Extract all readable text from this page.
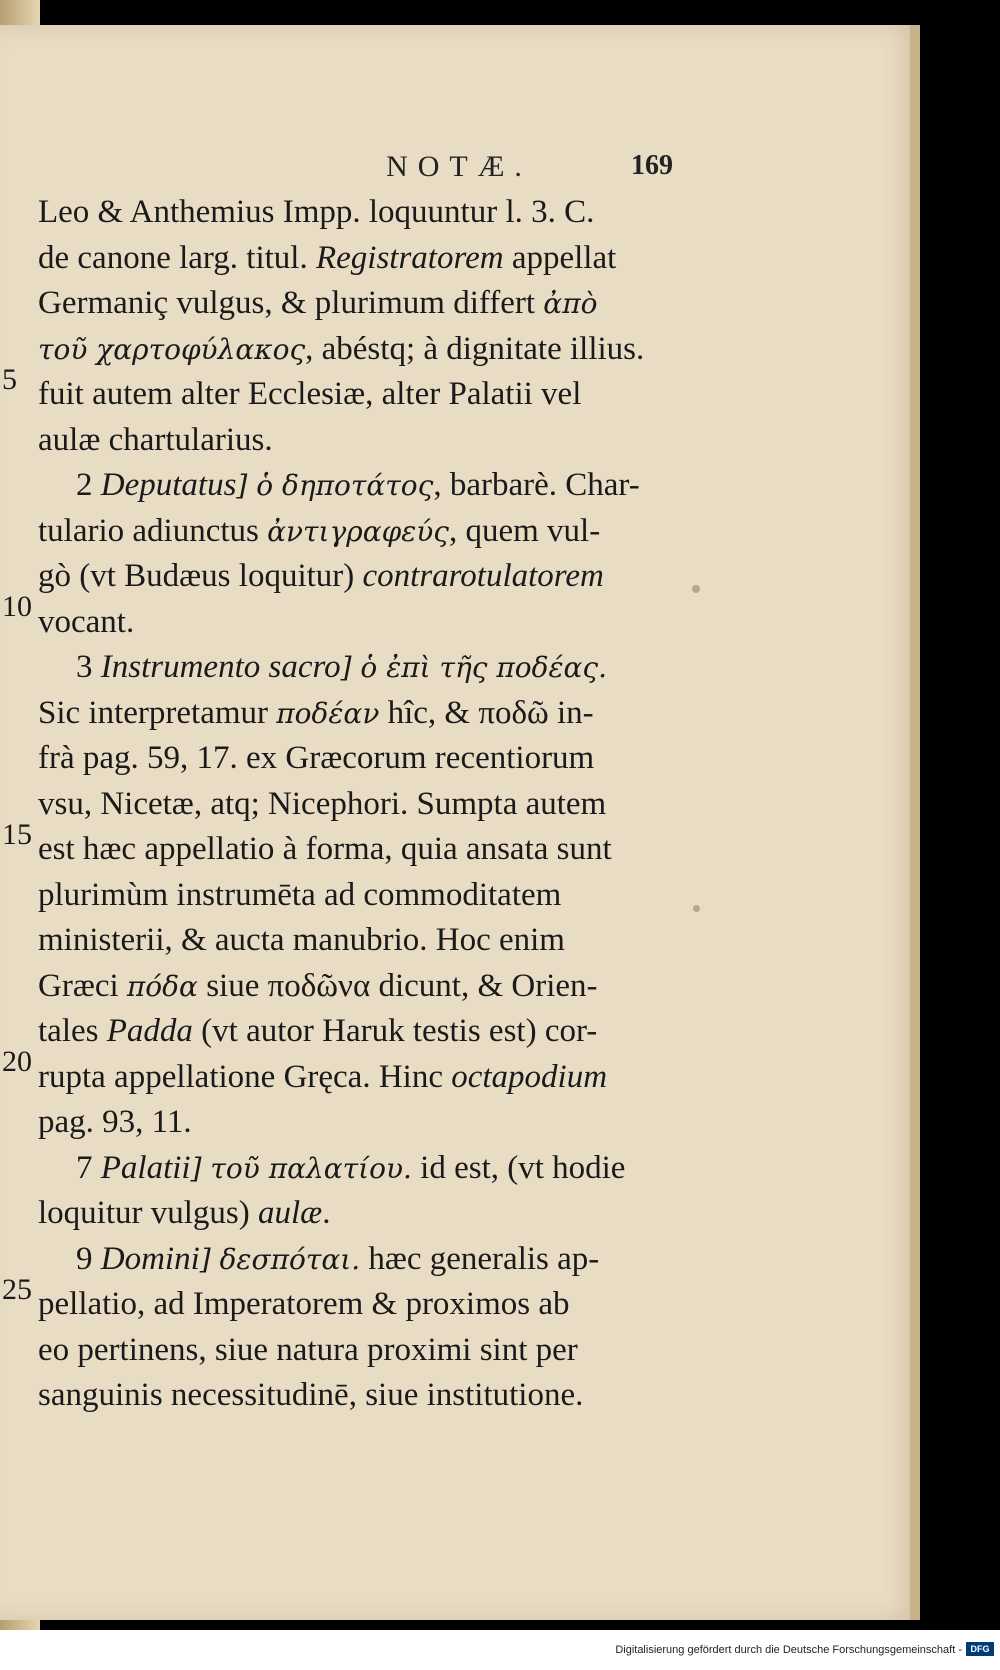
NOTÆ.	169
Leo & Anthemius Impp. loquuntur l. 3. C.
de canone larg. titul. Registratorem appellat
Germaniç vulgus, & plurimum differt ἀπὸ
τοῦ χαρτοφύλακος, abéstq; à dignitate illius.
fuit autem alter Ecclesiæ, alter Palatii vel
aulæ chartularius.
2 Deputatus] ὁ δηποτάτος, barbarè. Char-
tulario adiunctus ἀντιγραφεύς, quem vul-
gò (vt Budæus loquitur) contrarotulatorem
vocant.
3 Instrumento sacro] ὁ ἐπὶ τῆς ποδέας.
Sic interpretamur ποδέαν hîc, & ποδῶ in-
frà pag. 59, 17. ex Græcorum recentiorum
vsu, Nicetæ, atq; Nicephori. Sumpta autem
est hæc appellatio à forma, quia ansata sunt
plurimùm instrumēta ad commoditatem
ministerii, & aucta manubrio. Hoc enim
Græci πόδα siue ποδῶνα dicunt, & Orien-
tales Padda (vt autor Haruk testis est) cor-
rupta appellatione Gręca. Hinc octapodium
pag. 93, 11.
7 Palatii] τοῦ παλατίου. id est, (vt hodie
loquitur vulgus) aulæ.
9 Domini] δεσπόται. hæc generalis ap-
pellatio, ad Imperatorem & proximos ab
eo pertinens, siue natura proximi sint per
sanguinis necessitudinē, siue institutione.
5
10
15
20
25
Digitalisierung gefördert durch die Deutsche Forschungsgemeinschaft - DFG
